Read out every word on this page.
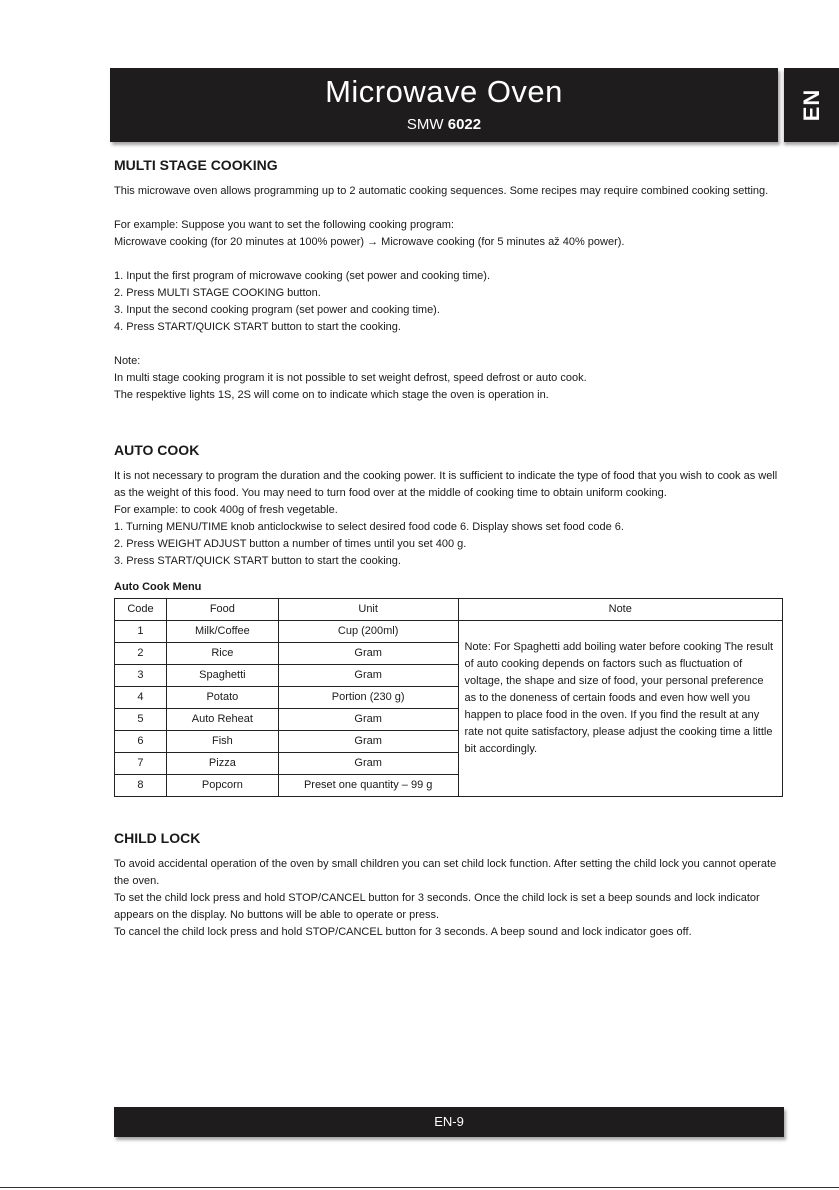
Microwave Oven
SMW 6022
EN
MULTI STAGE COOKING

This microwave oven allows programming up to 2 automatic cooking sequences. Some recipes may require combined cooking setting.

For example: Suppose you want to set the following cooking program:

Microwave cooking (for 20 minutes at 100% power) → Microwave cooking (for 5 minutes až 40% power).

1. Input the first program of microwave cooking (set power and cooking time).
2. Press MULTI STAGE COOKING button.
3. Input the second cooking program (set power and cooking time).
4. Press START/QUICK START button to start the cooking.

Note:

In multi stage cooking program it is not possible to set weight defrost, speed defrost or auto cook.

The respektive lights 1S, 2S will come on to indicate which stage the oven is operation in.

AUTO COOK

It is not necessary to program the duration and the cooking power. It is sufficient to indicate the type of food that you wish to cook as well as the weight of this food. You may need to turn food over at the middle of cooking time to obtain uniform cooking.

For example: to cook 400g of fresh vegetable.

1. Turning MENU/TIME knob anticlockwise to select desired food code 6. Display shows set food code 6.
2. Press WEIGHT ADJUST button a number of times until you set 400 g.
3. Press START/QUICK START button to start the cooking.
Auto Cook Menu
Code	Food	Unit	Note
1	Milk/Coffee	Cup (200ml)	Note: For Spaghetti add boiling water before cooking The result of auto cooking depends on factors such as fluctuation of voltage, the shape and size of food, your personal preference as to the doneness of certain foods and even how well you happen to place food in the oven. If you find the result at any rate not quite satisfactory, please adjust the cooking time a little bit accordingly.
2	Rice	Gram	
3	Spaghetti	Gram	
4	Potato	Portion (230 g)	
5	Auto Reheat	Gram	
6	Fish	Gram	
7	Pizza	Gram	
8	Popcorn	Preset one quantity – 99 g	
CHILD LOCK

To avoid accidental operation of the oven by small children you can set child lock function. After setting the child lock you cannot operate the oven.

To set the child lock press and hold STOP/CANCEL button for 3 seconds. Once the child lock is set a beep sounds and lock indicator appears on the display. No buttons will be able to operate or press.

To cancel the child lock press and hold STOP/CANCEL button for 3 seconds. A beep sound and lock indicator goes off.

EN-9
